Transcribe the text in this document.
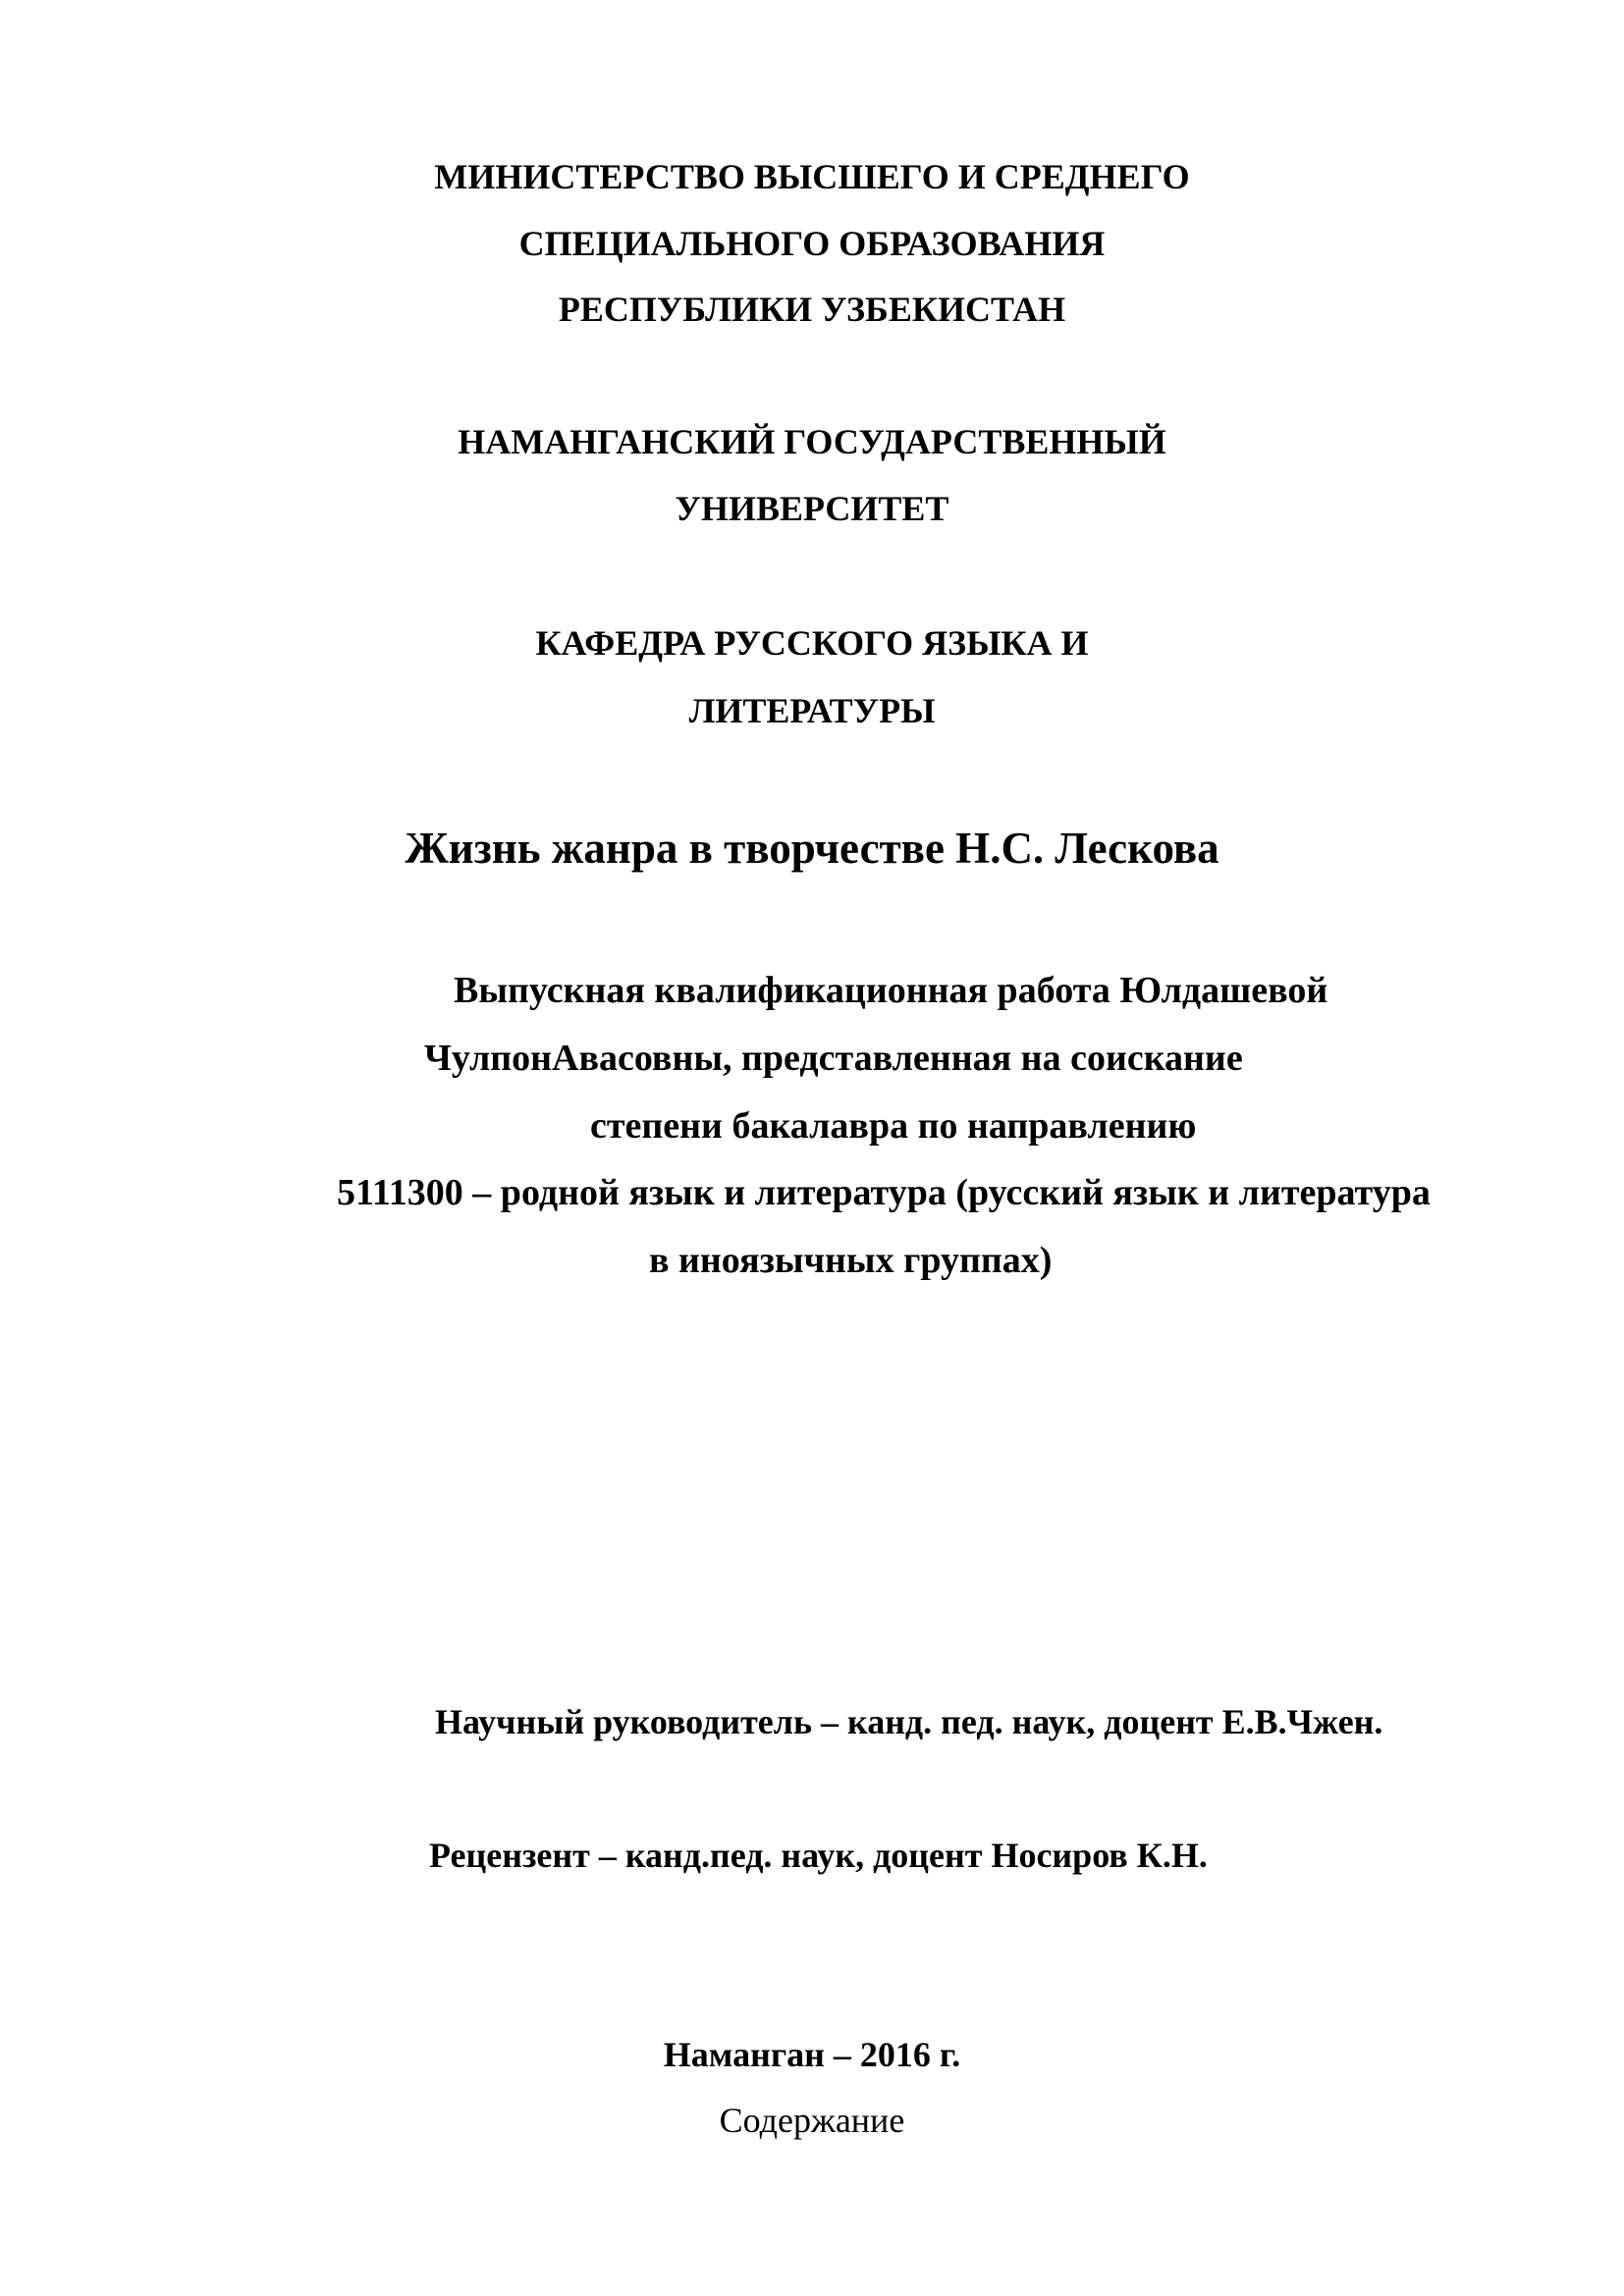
МИНИСТЕРСТВО ВЫСШЕГО И СРЕДНЕГО
СПЕЦИАЛЬНОГО ОБРАЗОВАНИЯ
РЕСПУБЛИКИ УЗБЕКИСТАН
НАМАНГАНСКИЙ ГОСУДАРСТВЕННЫЙ
УНИВЕРСИТЕТ
КАФЕДРА РУССКОГО ЯЗЫКА И
ЛИТЕРАТУРЫ
Жизнь жанра в творчестве Н.С. Лескова
Выпускная квалификационная работа Юлдашевой
ЧулпонАвасовны, представленная на соискание
степени бакалавра по направлению
5111300 – родной язык и литература (русский язык и литература
в иноязычных группах)
Научный руководитель – канд. пед. наук, доцент Е.В.Чжен.
Рецензент – канд.пед. наук, доцент Носиров К.Н.
Наманган – 2016 г.
Содержание
